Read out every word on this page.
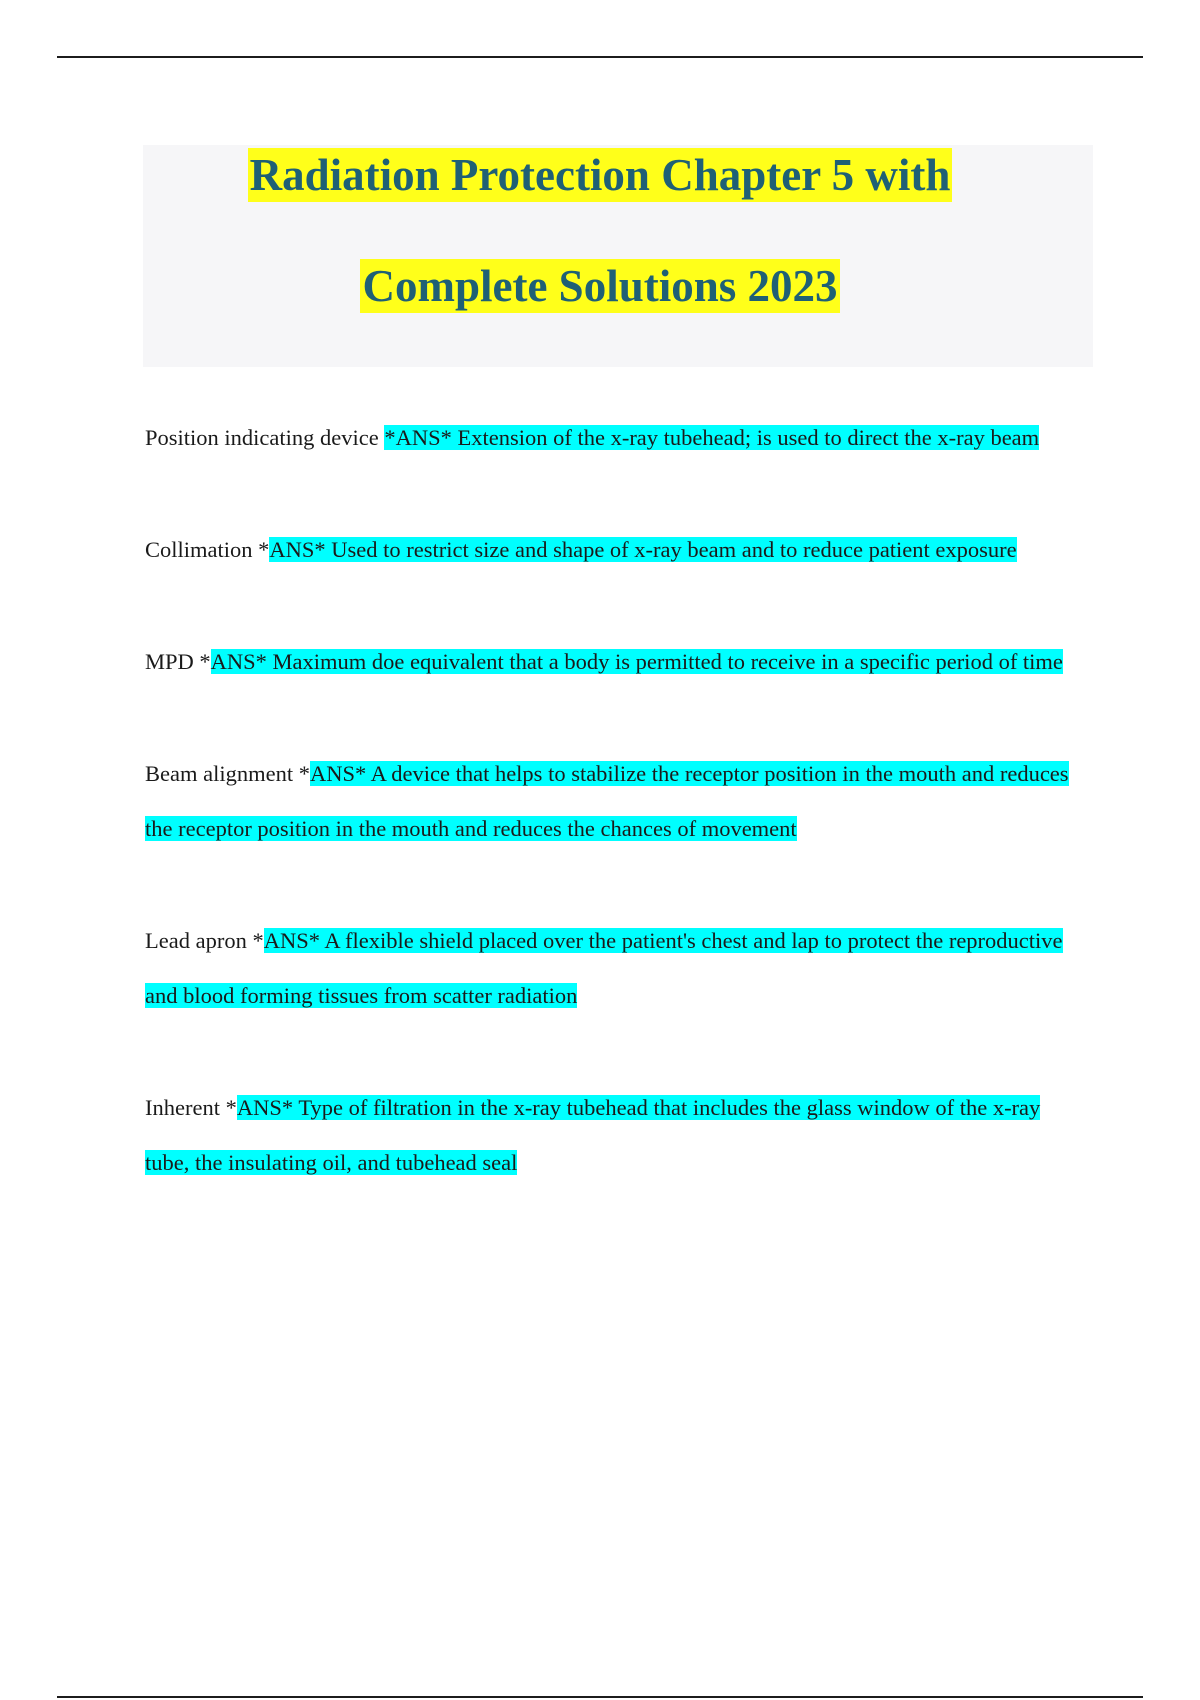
Radiation Protection Chapter 5 with
Complete Solutions 2023

Position indicating device *ANS* Extension of the x-ray tubehead; is used to direct the x-ray beam

Collimation *ANS* Used to restrict size and shape of x-ray beam and to reduce patient exposure

MPD *ANS* Maximum doe equivalent that a body is permitted to receive in a specific period of time

Beam alignment *ANS* A device that helps to stabilize the receptor position in the mouth and reduces the receptor position in the mouth and reduces the chances of movement

Lead apron *ANS* A flexible shield placed over the patient's chest and lap to protect the reproductive and blood forming tissues from scatter radiation

Inherent *ANS* Type of filtration in the x-ray tubehead that includes the glass window of the x-ray tube, the insulating oil, and tubehead seal
